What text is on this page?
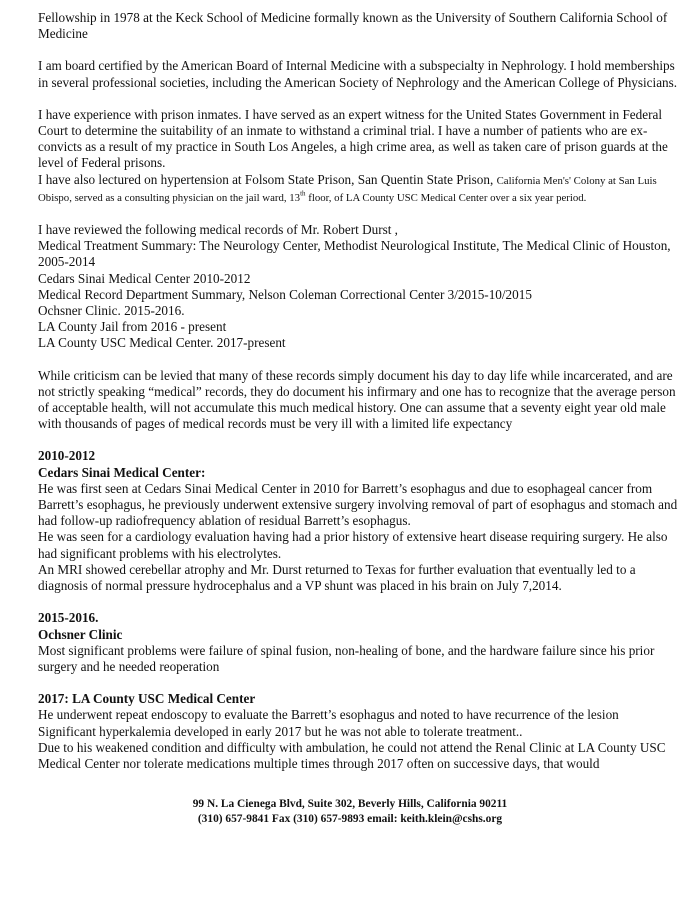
Fellowship in 1978 at the Keck School of Medicine formally known as the University of Southern California School of Medicine

I am board certified by the American Board of Internal Medicine with a subspecialty in Nephrology. I hold memberships in several professional societies, including the American Society of Nephrology and the American College of Physicians.

I have experience with prison inmates. I have served as an expert witness for the United States Government in Federal Court to determine the suitability of an inmate to withstand a criminal trial. I have a number of patients who are ex-convicts as a result of my practice in South Los Angeles, a high crime area, as well as taken care of prison guards at the level of Federal prisons.

I have also lectured on hypertension at Folsom State Prison, San Quentin State Prison, California Men's' Colony at San Luis Obispo, served as a consulting physician on the jail ward, 13th floor, of LA County USC Medical Center over a six year period.

I have reviewed the following medical records of Mr. Robert Durst ,

Medical Treatment Summary: The Neurology Center, Methodist Neurological Institute, The Medical Clinic of Houston, 2005-2014

Cedars Sinai Medical Center 2010-2012

Medical Record Department Summary, Nelson Coleman Correctional Center 3/2015-10/2015

Ochsner Clinic. 2015-2016.

LA County Jail from 2016 - present

LA County USC Medical Center. 2017-present

While criticism can be levied that many of these records simply document his day to day life while incarcerated, and are not strictly speaking “medical” records, they do document his infirmary and one has to recognize that the average person of acceptable health, will not accumulate this much medical history. One can assume that a seventy eight year old male with thousands of pages of medical records must be very ill with a limited life expectancy

2010-2012

Cedars Sinai Medical Center:

He was first seen at Cedars Sinai Medical Center in 2010 for Barrett’s esophagus and due to esophageal cancer from Barrett’s esophagus, he previously underwent extensive surgery involving removal of part of esophagus and stomach and had follow-up radiofrequency ablation of residual Barrett’s esophagus.

He was seen for a cardiology evaluation having had a prior history of extensive heart disease requiring surgery. He also had significant problems with his electrolytes.

An MRI showed cerebellar atrophy and Mr. Durst returned to Texas for further evaluation that eventually led to a diagnosis of normal pressure hydrocephalus and a VP shunt was placed in his brain on July 7,2014.

2015-2016.

Ochsner Clinic

Most significant problems were failure of spinal fusion, non-healing of bone, and the hardware failure since his prior surgery and he needed reoperation

2017: LA County USC Medical Center

He underwent repeat endoscopy to evaluate the Barrett’s esophagus and noted to have recurrence of the lesion

Significant hyperkalemia developed in early 2017 but he was not able to tolerate treatment..

Due to his weakened condition and difficulty with ambulation, he could not attend the Renal Clinic at LA County USC Medical Center nor tolerate medications multiple times through 2017 often on successive days, that would

99 N. La Cienega Blvd, Suite 302, Beverly Hills, California 90211
(310) 657-9841 Fax (310) 657-9893 email: keith.klein@cshs.org
